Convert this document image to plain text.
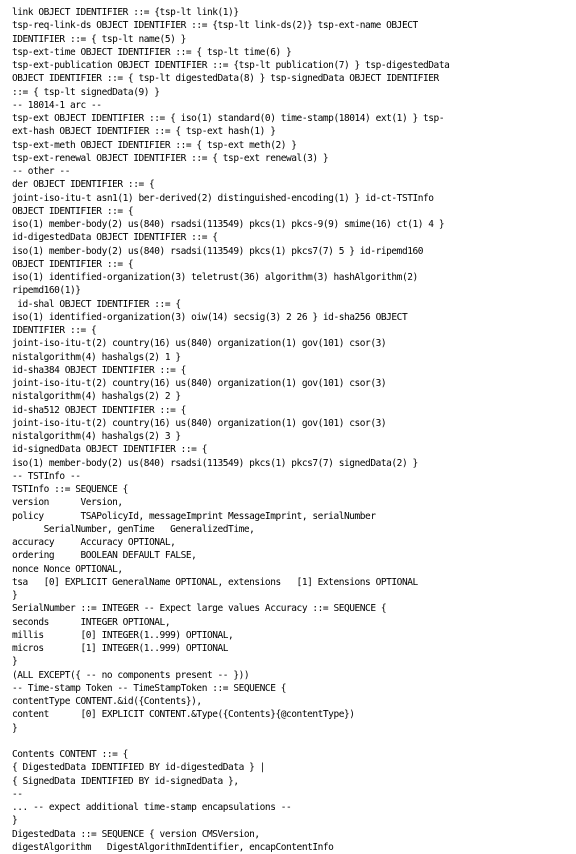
link OBJECT IDENTIFIER ::= {tsp-lt link(1)}
tsp-req-link-ds OBJECT IDENTIFIER ::= {tsp-lt link-ds(2)} tsp-ext-name OBJECT
IDENTIFIER ::= { tsp-lt name(5) }
tsp-ext-time OBJECT IDENTIFIER ::= { tsp-lt time(6) }
tsp-ext-publication OBJECT IDENTIFIER ::= {tsp-lt publication(7) } tsp-digestedData
OBJECT IDENTIFIER ::= { tsp-lt digestedData(8) } tsp-signedData OBJECT IDENTIFIER
::= { tsp-lt signedData(9) }
-- 18014-1 arc --
tsp-ext OBJECT IDENTIFIER ::= { iso(1) standard(0) time-stamp(18014) ext(1) } tsp-
ext-hash OBJECT IDENTIFIER ::= { tsp-ext hash(1) }
tsp-ext-meth OBJECT IDENTIFIER ::= { tsp-ext meth(2) }
tsp-ext-renewal OBJECT IDENTIFIER ::= { tsp-ext renewal(3) }
-- other --
der OBJECT IDENTIFIER ::= {
joint-iso-itu-t asn1(1) ber-derived(2) distinguished-encoding(1) } id-ct-TSTInfo
OBJECT IDENTIFIER ::= {
iso(1) member-body(2) us(840) rsadsi(113549) pkcs(1) pkcs-9(9) smime(16) ct(1) 4 }
id-digestedData OBJECT IDENTIFIER ::= {
iso(1) member-body(2) us(840) rsadsi(113549) pkcs(1) pkcs7(7) 5 } id-ripemd160
OBJECT IDENTIFIER ::= {
iso(1) identified-organization(3) teletrust(36) algorithm(3) hashAlgorithm(2)
ripemd160(1)}
id-shal OBJECT IDENTIFIER ::= {
iso(1) identified-organization(3) oiw(14) secsig(3) 2 26 } id-sha256 OBJECT
IDENTIFIER ::= {
joint-iso-itu-t(2) country(16) us(840) organization(1) gov(101) csor(3)
nistalgorithm(4) hashalgs(2) 1 }
id-sha384 OBJECT IDENTIFIER ::= {
joint-iso-itu-t(2) country(16) us(840) organization(1) gov(101) csor(3)
nistalgorithm(4) hashalgs(2) 2 }
id-sha512 OBJECT IDENTIFIER ::= {
joint-iso-itu-t(2) country(16) us(840) organization(1) gov(101) csor(3)
nistalgorithm(4) hashalgs(2) 3 }
id-signedData OBJECT IDENTIFIER ::= {
iso(1) member-body(2) us(840) rsadsi(113549) pkcs(1) pkcs7(7) signedData(2) }
-- TSTInfo --
TSTInfo ::= SEQUENCE {
version      Version,
policy       TSAPolicyId, messageImprint MessageImprint, serialNumber
SerialNumber, genTime   GeneralizedTime,
accuracy     Accuracy OPTIONAL,
ordering     BOOLEAN DEFAULT FALSE,
nonce Nonce OPTIONAL,
tsa   [0] EXPLICIT GeneralName OPTIONAL, extensions   [1] Extensions OPTIONAL
}
SerialNumber ::= INTEGER -- Expect large values Accuracy ::= SEQUENCE {
seconds      INTEGER OPTIONAL,
millis       [0] INTEGER(1..999) OPTIONAL,
micros       [1] INTEGER(1..999) OPTIONAL
}
(ALL EXCEPT({ -- no components present -- }))
-- Time-stamp Token -- TimeStampToken ::= SEQUENCE {
contentType CONTENT.&id({Contents}),
content      [0] EXPLICIT CONTENT.&Type({Contents}{@contentType})
}
Contents CONTENT ::= {
{ DigestedData IDENTIFIED BY id-digestedData } |
{ SignedData IDENTIFIED BY id-signedData },
--
... -- expect additional time-stamp encapsulations --
}
DigestedData ::= SEQUENCE { version CMSVersion,
digestAlgorithm   DigestAlgorithmIdentifier, encapContentInfo
